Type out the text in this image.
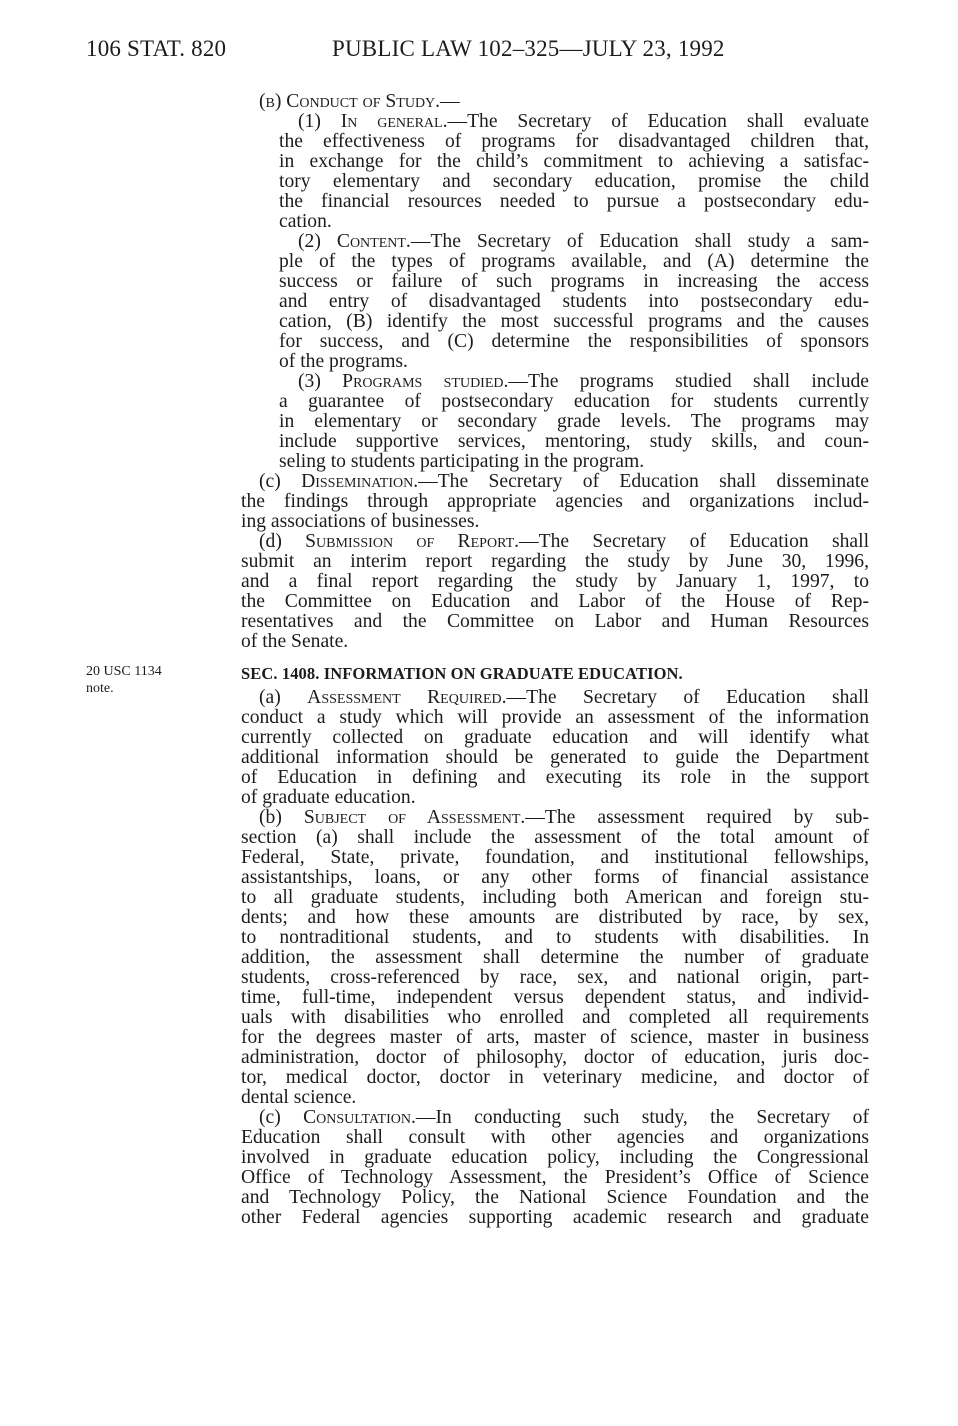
106 STAT. 820	PUBLIC LAW 102–325—JULY 23, 1992
20 USC 1134
note.
(b) Conduct of Study.—
(1) In general.—The Secretary of Education shall evaluate
the effectiveness of programs for disadvantaged children that,
in exchange for the child’s commitment to achieving a satisfac-
tory elementary and secondary education, promise the child
the financial resources needed to pursue a postsecondary edu-
cation.
(2) Content.—The Secretary of Education shall study a sam-
ple of the types of programs available, and (A) determine the
success or failure of such programs in increasing the access
and entry of disadvantaged students into postsecondary edu-
cation, (B) identify the most successful programs and the causes
for success, and (C) determine the responsibilities of sponsors
of the programs.
(3) Programs studied.—The programs studied shall include
a guarantee of postsecondary education for students currently
in elementary or secondary grade levels. The programs may
include supportive services, mentoring, study skills, and coun-
seling to students participating in the program.
(c) Dissemination.—The Secretary of Education shall disseminate
the findings through appropriate agencies and organizations includ-
ing associations of businesses.
(d) Submission of Report.—The Secretary of Education shall
submit an interim report regarding the study by June 30, 1996,
and a final report regarding the study by January 1, 1997, to
the Committee on Education and Labor of the House of Rep-
resentatives and the Committee on Labor and Human Resources
of the Senate.
SEC. 1408. INFORMATION ON GRADUATE EDUCATION.
(a) Assessment Required.—The Secretary of Education shall
conduct a study which will provide an assessment of the information
currently collected on graduate education and will identify what
additional information should be generated to guide the Department
of Education in defining and executing its role in the support
of graduate education.
(b) Subject of Assessment.—The assessment required by sub-
section (a) shall include the assessment of the total amount of
Federal, State, private, foundation, and institutional fellowships,
assistantships, loans, or any other forms of financial assistance
to all graduate students, including both American and foreign stu-
dents; and how these amounts are distributed by race, by sex,
to nontraditional students, and to students with disabilities. In
addition, the assessment shall determine the number of graduate
students, cross-referenced by race, sex, and national origin, part-
time, full-time, independent versus dependent status, and individ-
uals with disabilities who enrolled and completed all requirements
for the degrees master of arts, master of science, master in business
administration, doctor of philosophy, doctor of education, juris doc-
tor, medical doctor, doctor in veterinary medicine, and doctor of
dental science.
(c) Consultation.—In conducting such study, the Secretary of
Education shall consult with other agencies and organizations
involved in graduate education policy, including the Congressional
Office of Technology Assessment, the President’s Office of Science
and Technology Policy, the National Science Foundation and the
other Federal agencies supporting academic research and graduate
